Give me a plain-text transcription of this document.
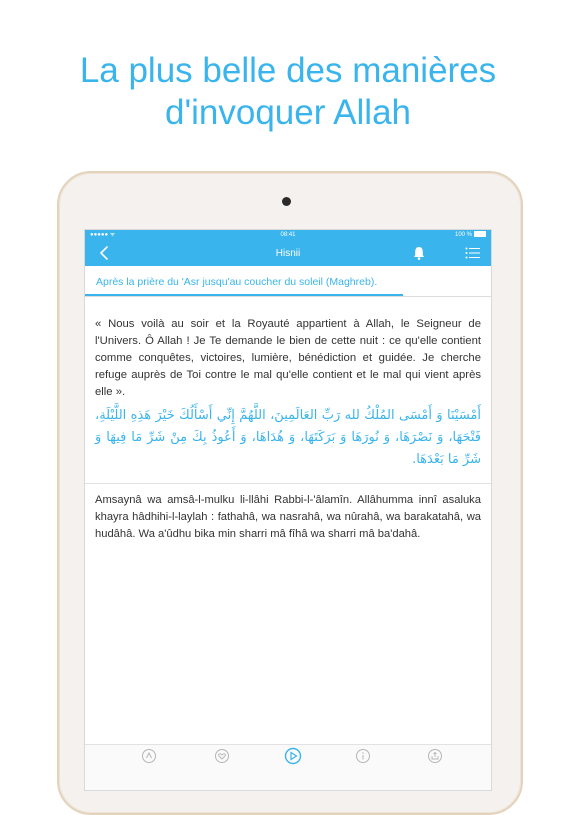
La plus belle des manières
d'invoquer Allah
●●●●● ᯤ	08:41	100 %
Hisnii
Après la prière du 'Asr jusqu'au coucher du soleil (Maghreb).
« Nous voilà au soir et la Royauté appartient à Allah, le Seigneur de l'Univers. Ô Allah ! Je Te demande le bien de cette nuit : ce qu'elle contient comme conquêtes, victoires, lumière, bénédiction et guidée. Je cherche refuge auprès de Toi contre le mal qu'elle contient et le mal qui vient après elle ».
أَمْسَيْنَا وَ أَمْسَى المُلْكُ لله رَبِّ العَالَمِينَ، اللَّهُمَّ إِنِّي أَسْأَلُكَ خَيْرَ هَذِهِ اللَّيْلَةِ، فَتْحَهَا، وَ نَصْرَهَا، وَ نُورَهَا وَ بَرَكَتَهَا، وَ هُدَاهَا، وَ أَعُوذُ بِكَ مِنْ شَرِّ مَا فِيهَا وَ شَرِّ مَا بَعْدَهَا.
Amsaynâ wa amsâ-l-mulku li-llâhi Rabbi-l-'âlamîn. Allâhumma innî asaluka khayra hâdhihi-l-laylah : fathahâ, wa nasrahâ, wa nûrahâ, wa barakatahâ, wa hudâhâ. Wa a'ûdhu bika min sharri mâ fîhâ wa sharri mâ ba'dahâ.
